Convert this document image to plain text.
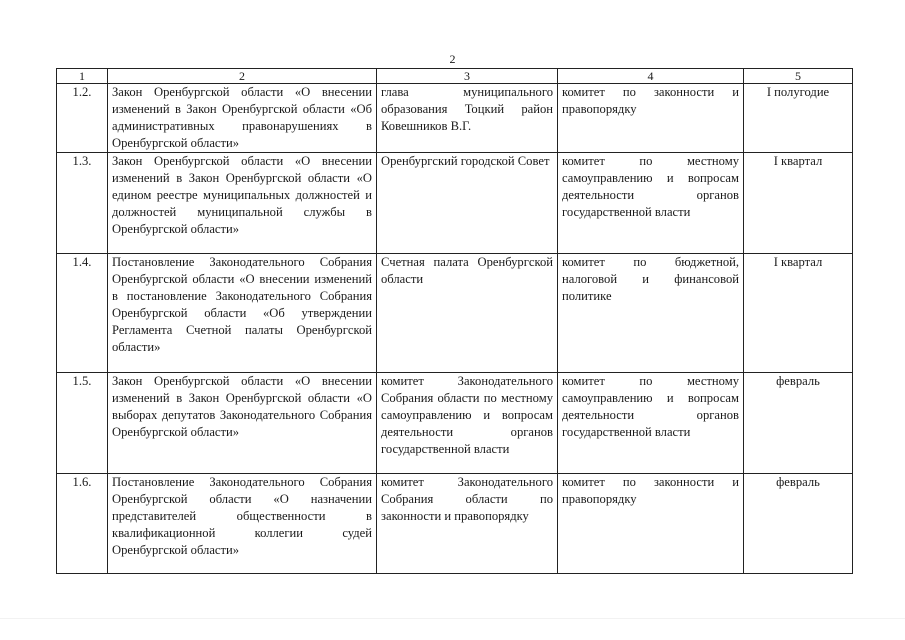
2
1	2	3	4	5
1.2.	Закон Оренбургской области «О внесении изменений в Закон Оренбургской области «Об административных правонарушениях в Оренбургской области»	глава муниципального образования Тоцкий район Ковешников В.Г.	комитет по законности и правопорядку	I полугодие
1.3.	Закон Оренбургской области «О внесении изменений в Закон Оренбургской области «О едином реестре муниципальных должностей и должностей муниципальной службы в Оренбургской области»	Оренбургский городской Совет	комитет по местному самоуправлению и вопросам деятельности органов государственной власти	I квартал
1.4.	Постановление Законодательного Собрания Оренбургской области «О внесении изменений в постановление Законодательного Собрания Оренбургской области «Об утверждении Регламента Счетной палаты Оренбургской области»	Счетная палата Оренбургской области	комитет по бюджетной, налоговой и финансовой политике	I квартал
1.5.	Закон Оренбургской области «О внесении изменений в Закон Оренбургской области «О выборах депутатов Законодательного Собрания Оренбургской области»	комитет Законодательного Собрания области по местному самоуправлению и вопросам деятельности органов государственной власти	комитет по местному самоуправлению и вопросам деятельности органов государственной власти	февраль
1.6.	Постановление Законодательного Собрания Оренбургской области «О назначении представителей общественности в квалификационной коллегии судей Оренбургской области»	комитет Законодательного Собрания области по законности и правопорядку	комитет по законности и правопорядку	февраль
